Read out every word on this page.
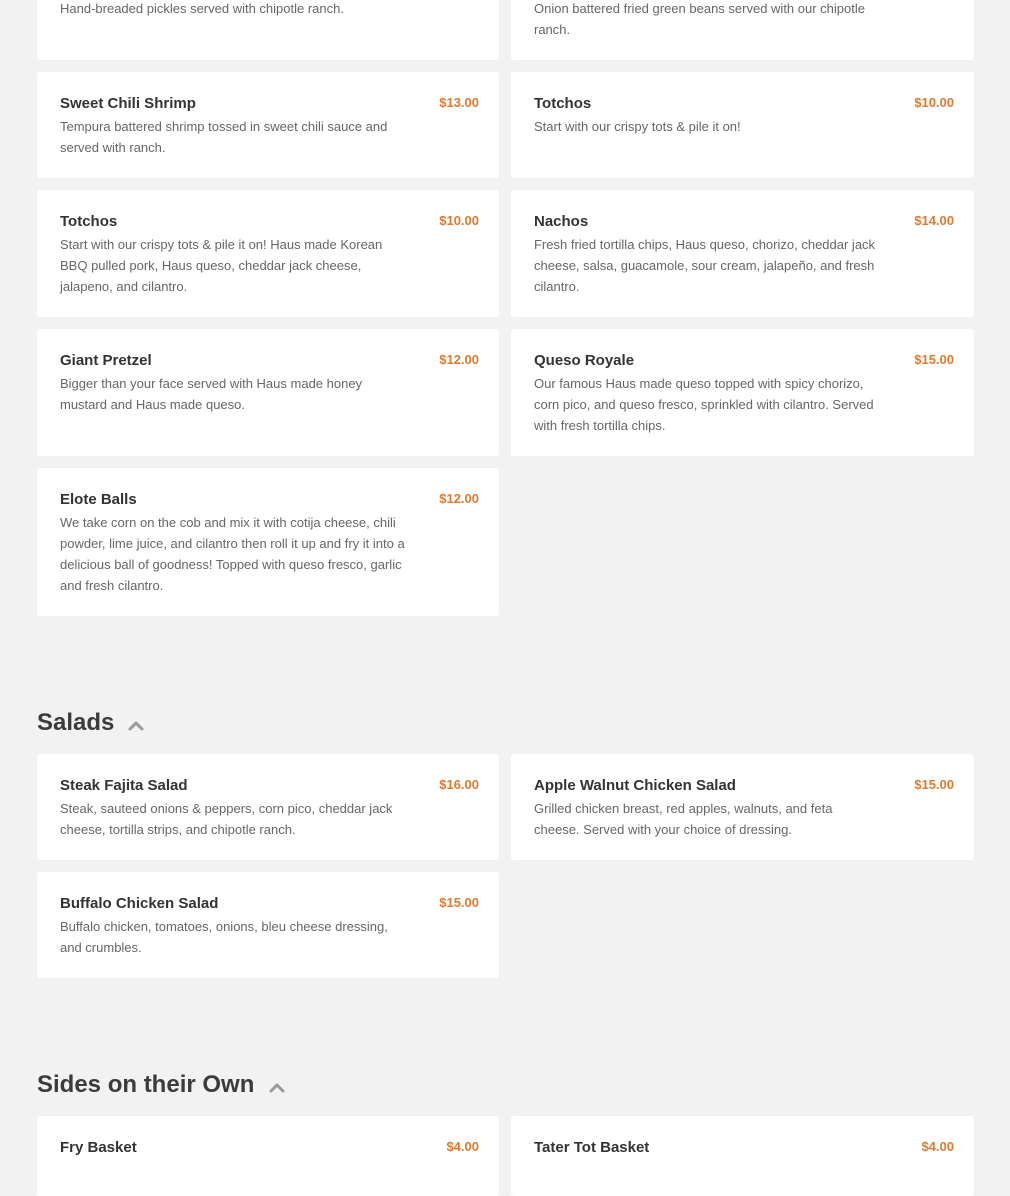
Hand-breaded pickles served with chipotle ranch.	Onion battered fried green beans served with our chipotle ranch.
Sweet Chili Shrimp	$13.00
Tempura battered shrimp tossed in sweet chili sauce and served with ranch.
Totchos	$10.00
Start with our crispy tots & pile it on!
Totchos	$10.00
Start with our crispy tots & pile it on! Haus made Korean BBQ pulled pork, Haus queso, cheddar jack cheese, jalapeno, and cilantro.
Nachos	$14.00
Fresh fried tortilla chips, Haus queso, chorizo, cheddar jack cheese, salsa, guacamole, sour cream, jalapeño, and fresh cilantro.
Giant Pretzel	$12.00
Bigger than your face served with Haus made honey mustard and Haus made queso.
Queso Royale	$15.00
Our famous Haus made queso topped with spicy chorizo, corn pico, and queso fresco, sprinkled with cilantro. Served with fresh tortilla chips.
Elote Balls	$12.00
We take corn on the cob and mix it with cotija cheese, chili powder, lime juice, and cilantro then roll it up and fry it into a delicious ball of goodness! Topped with queso fresco, garlic and fresh cilantro.
Salads
Steak Fajita Salad	$16.00
Steak, sauteed onions & peppers, corn pico, cheddar jack cheese, tortilla strips, and chipotle ranch.
Apple Walnut Chicken Salad	$15.00
Grilled chicken breast, red apples, walnuts, and feta cheese. Served with your choice of dressing.
Buffalo Chicken Salad	$15.00
Buffalo chicken, tomatoes, onions, bleu cheese dressing, and crumbles.
Sides on their Own
Fry Basket	$4.00	Tater Tot Basket	$4.00
